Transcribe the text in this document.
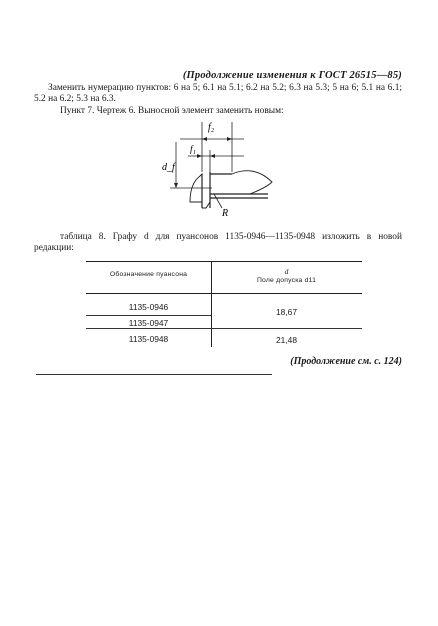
(Продолжение изменения к ГОСТ 26515—85)
Заменить нумерацию пунктов: 6 на 5; 6.1 на 5.1; 6.2 на 5.2; 6.3 на 5.3; 5 на 6; 5.1 на 6.1; 5.2 на 6.2; 5.3 на 6.3.
Пункт 7. Чертеж 6. Выносной элемент заменить новым:
f₂
f₁
d_f
R
таблица 8. Графу d для пуансонов 1135-0946—1135-0948 изложить в новой редакции:
Обозначение пуансона	d
Поле допуска d11
1135-0946
1135-0947
1135-0948
18,67
21,48
(Продолжение см. с. 124)
